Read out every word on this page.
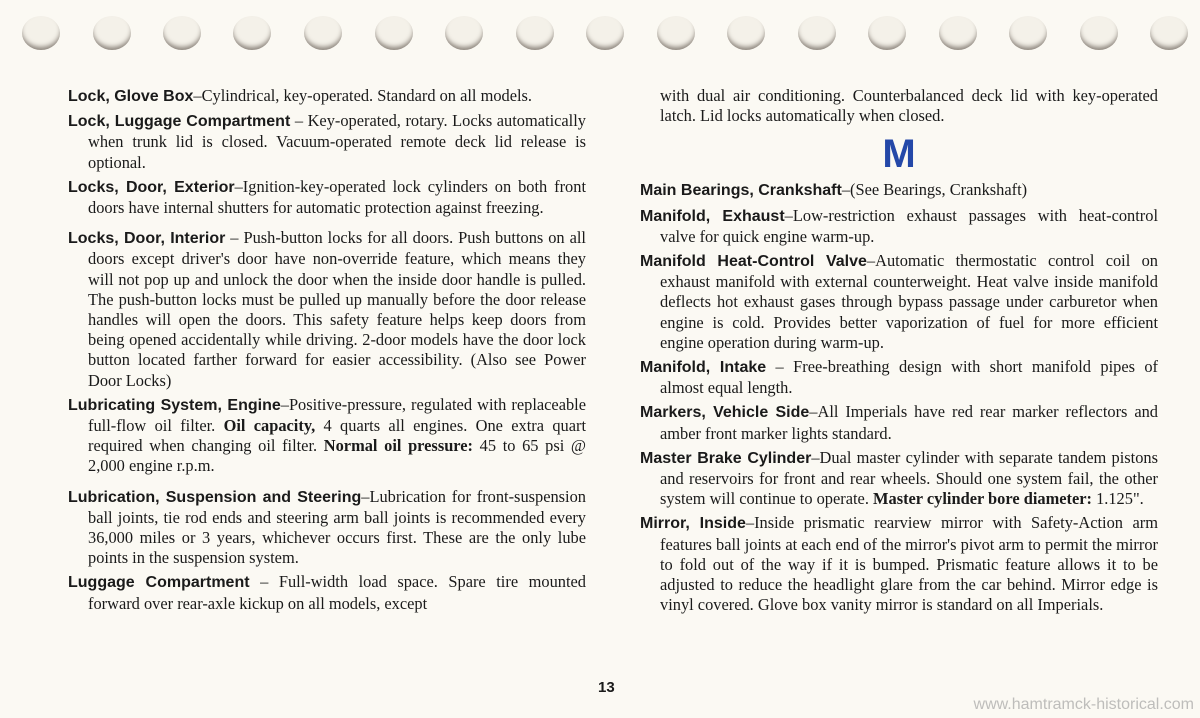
Lock, Glove Box–Cylindrical, key-operated. Standard on all models.

Lock, Luggage Compartment – Key-operated, rotary. Locks automatically when trunk lid is closed. Vacuum-operated remote deck lid release is optional.

Locks, Door, Exterior–Ignition-key-operated lock cylinders on both front doors have internal shutters for automatic protection against freezing.

Locks, Door, Interior – Push-button locks for all doors. Push buttons on all doors except driver's door have non-override feature, which means they will not pop up and unlock the door when the inside door handle is pulled. The push-button locks must be pulled up manually before the door release handles will open the doors. This safety feature helps keep doors from being opened accidentally while driving. 2-door models have the door lock button located farther forward for easier accessibility. (Also see Power Door Locks)

Lubricating System, Engine–Positive-pressure, regulated with replaceable full-flow oil filter. Oil capacity, 4 quarts all engines. One extra quart required when changing oil filter. Normal oil pressure: 45 to 65 psi @ 2,000 engine r.p.m.

Lubrication, Suspension and Steering–Lubrication for front-suspension ball joints, tie rod ends and steering arm ball joints is recommended every 36,000 miles or 3 years, whichever occurs first. These are the only lube points in the suspension system.

Luggage Compartment – Full-width load space. Spare tire mounted forward over rear-axle kickup on all models, except

with dual air conditioning. Counterbalanced deck lid with key-operated latch. Lid locks automatically when closed.

M

Main Bearings, Crankshaft–(See Bearings, Crankshaft)

Manifold, Exhaust–Low-restriction exhaust passages with heat-control valve for quick engine warm-up.

Manifold Heat-Control Valve–Automatic thermostatic control coil on exhaust manifold with external counterweight. Heat valve inside manifold deflects hot exhaust gases through bypass passage under carburetor when engine is cold. Provides better vaporization of fuel for more efficient engine operation during warm-up.

Manifold, Intake – Free-breathing design with short manifold pipes of almost equal length.

Markers, Vehicle Side–All Imperials have red rear marker reflectors and amber front marker lights standard.

Master Brake Cylinder–Dual master cylinder with separate tandem pistons and reservoirs for front and rear wheels. Should one system fail, the other system will continue to operate. Master cylinder bore diameter: 1.125".

Mirror, Inside–Inside prismatic rearview mirror with Safety-Action arm features ball joints at each end of the mirror's pivot arm to permit the mirror to fold out of the way if it is bumped. Prismatic feature allows it to be adjusted to reduce the headlight glare from the car behind. Mirror edge is vinyl covered. Glove box vanity mirror is standard on all Imperials.

13
www.hamtramck-historical.com
